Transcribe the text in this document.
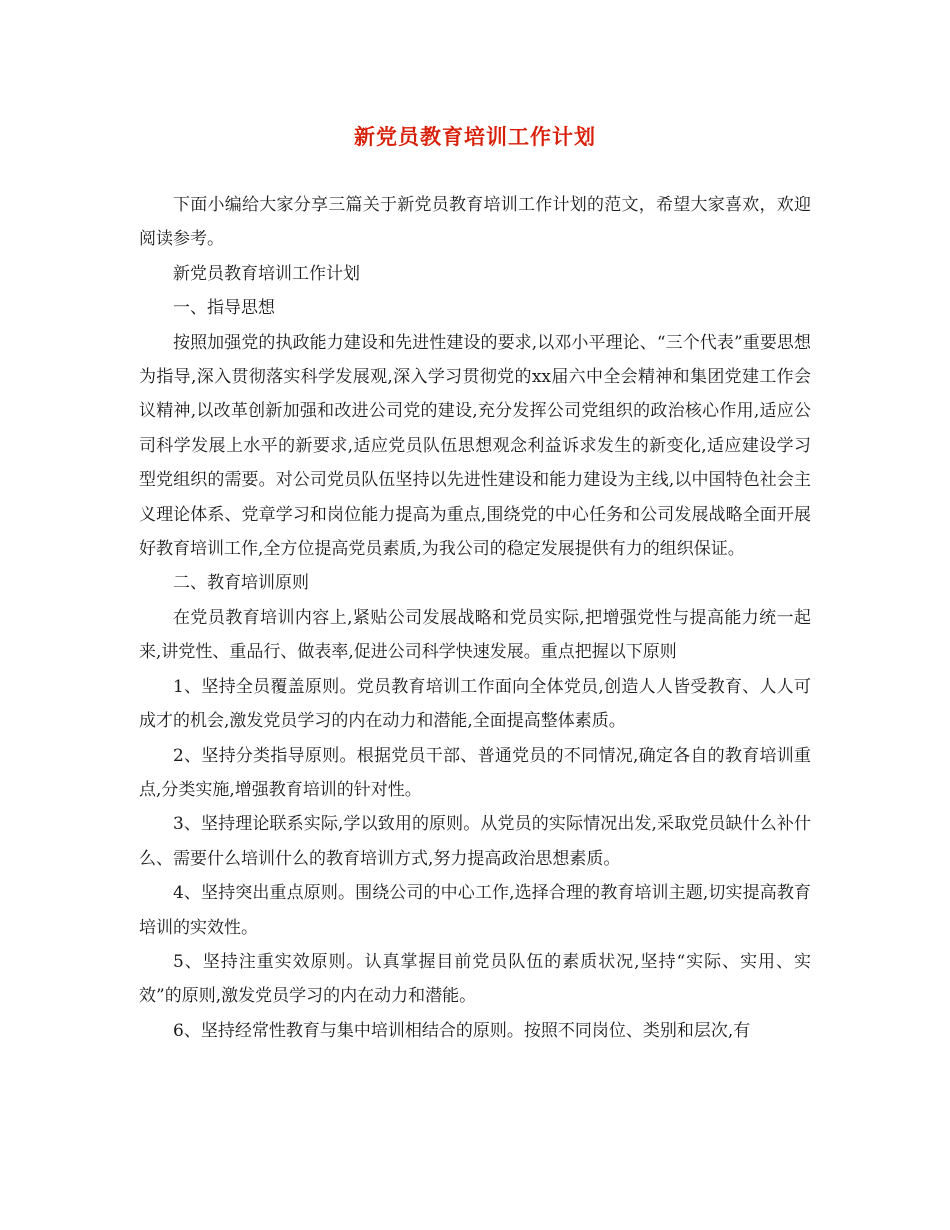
新党员教育培训工作计划

下面小编给大家分享三篇关于新党员教育培训工作计划的范文，希望大家喜欢，欢迎阅读参考。

新党员教育培训工作计划

一、指导思想

按照加强党的执政能力建设和先进性建设的要求,以邓小平理论、“三个代表”重要思想为指导,深入贯彻落实科学发展观,深入学习贯彻党的xx届六中全会精神和集团党建工作会议精神,以改革创新加强和改进公司党的建设,充分发挥公司党组织的政治核心作用,适应公司科学发展上水平的新要求,适应党员队伍思想观念利益诉求发生的新变化,适应建设学习型党组织的需要。对公司党员队伍坚持以先进性建设和能力建设为主线,以中国特色社会主义理论体系、党章学习和岗位能力提高为重点,围绕党的中心任务和公司发展战略全面开展好教育培训工作,全方位提高党员素质,为我公司的稳定发展提供有力的组织保证。

二、教育培训原则

在党员教育培训内容上,紧贴公司发展战略和党员实际,把增强党性与提高能力统一起来,讲党性、重品行、做表率,促进公司科学快速发展。重点把握以下原则

1、坚持全员覆盖原则。党员教育培训工作面向全体党员,创造人人皆受教育、人人可成才的机会,激发党员学习的内在动力和潜能,全面提高整体素质。

2、坚持分类指导原则。根据党员干部、普通党员的不同情况,确定各自的教育培训重点,分类实施,增强教育培训的针对性。

3、坚持理论联系实际,学以致用的原则。从党员的实际情况出发,采取党员缺什么补什么、需要什么培训什么的教育培训方式,努力提高政治思想素质。

4、坚持突出重点原则。围绕公司的中心工作,选择合理的教育培训主题,切实提高教育培训的实效性。

5、坚持注重实效原则。认真掌握目前党员队伍的素质状况,坚持“实际、实用、实效”的原则,激发党员学习的内在动力和潜能。

6、坚持经常性教育与集中培训相结合的原则。按照不同岗位、类别和层次,有
